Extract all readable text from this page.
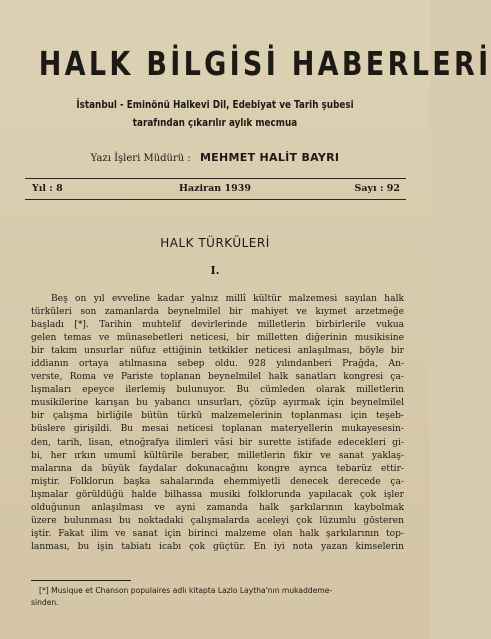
HALK BİLGİSİ HABERLERİ
İstanbul - Eminönü Halkevi Dil, Edebiyat ve Tarih şubesi
tarafından çıkarılır aylık mecmua
Yazı İşleri Müdürü : MEHMET HALİT BAYRI
Yıl : 8	Haziran 1939	Sayı : 92
HALK TÜRKÜLERİ
I.
Beş on yıl evveline kadar yalnız millî kültür malzemesi sayılan halk
türküleri son zamanlarda beynelmilel bir mahiyet ve kıymet arzetmeğe
başladı [*]. Tarihin muhtelif devirlerinde milletlerin birbirlerile vukua
gelen temas ve münasebetleri neticesi, bir milletten diğerinin musikisine
bir takım unsurlar nüfuz ettiğinin tetkikler neticesi anlaşılması, böyle bir
iddianın ortaya atılmasına sebep oldu. 928 yılındanberi Prağda, An-
verste, Roma ve Pariste toplanan beynelmilel halk sanatları kongresi ça-
lışmaları epeyce ilerlemiş bulunuyor. Bu cümleden olarak milletlerin
musikilerine karışan bu yabancı unsurları, çözüp ayırmak için beynelmilel
bir çalışma birliğile bütün türkü malzemelerinin toplanması için teşeb-
büslere girişildi. Bu mesai neticesi toplanan materyellerin mukayesesin-
den, tarih, lisan, etnoğrafya ilimleri vâsi bir surette istifade edecekleri gi-
bi, her ırkın umumî kültürile beraber, milletlerin fikir ve sanat yaklaş-
malarına da büyük faydalar dokunacağını kongre ayrıca tebarüz ettir-
miştir. Folklorun başka sahalarında ehemmiyetli denecek derecede ça-
lışmalar görüldüğü halde bilhassa musiki folklorunda yapılacak çok işler
olduğunun anlaşılması ve ayni zamanda halk şarkılarının kaybolmak
üzere bulunması bu noktadaki çalışmalarda aceleyi çok lüzumlu gösteren
iştir. Fakat ilim ve sanat için birinci malzeme olan halk şarkılarının top-
lanması, bu işin tabiatı icabı çok güçtür. En iyi nota yazan kimselerin
[*] Musique et Chanson populaires adlı kitapta Lazlo Laytha'nın mukaddeme-
sinden.
